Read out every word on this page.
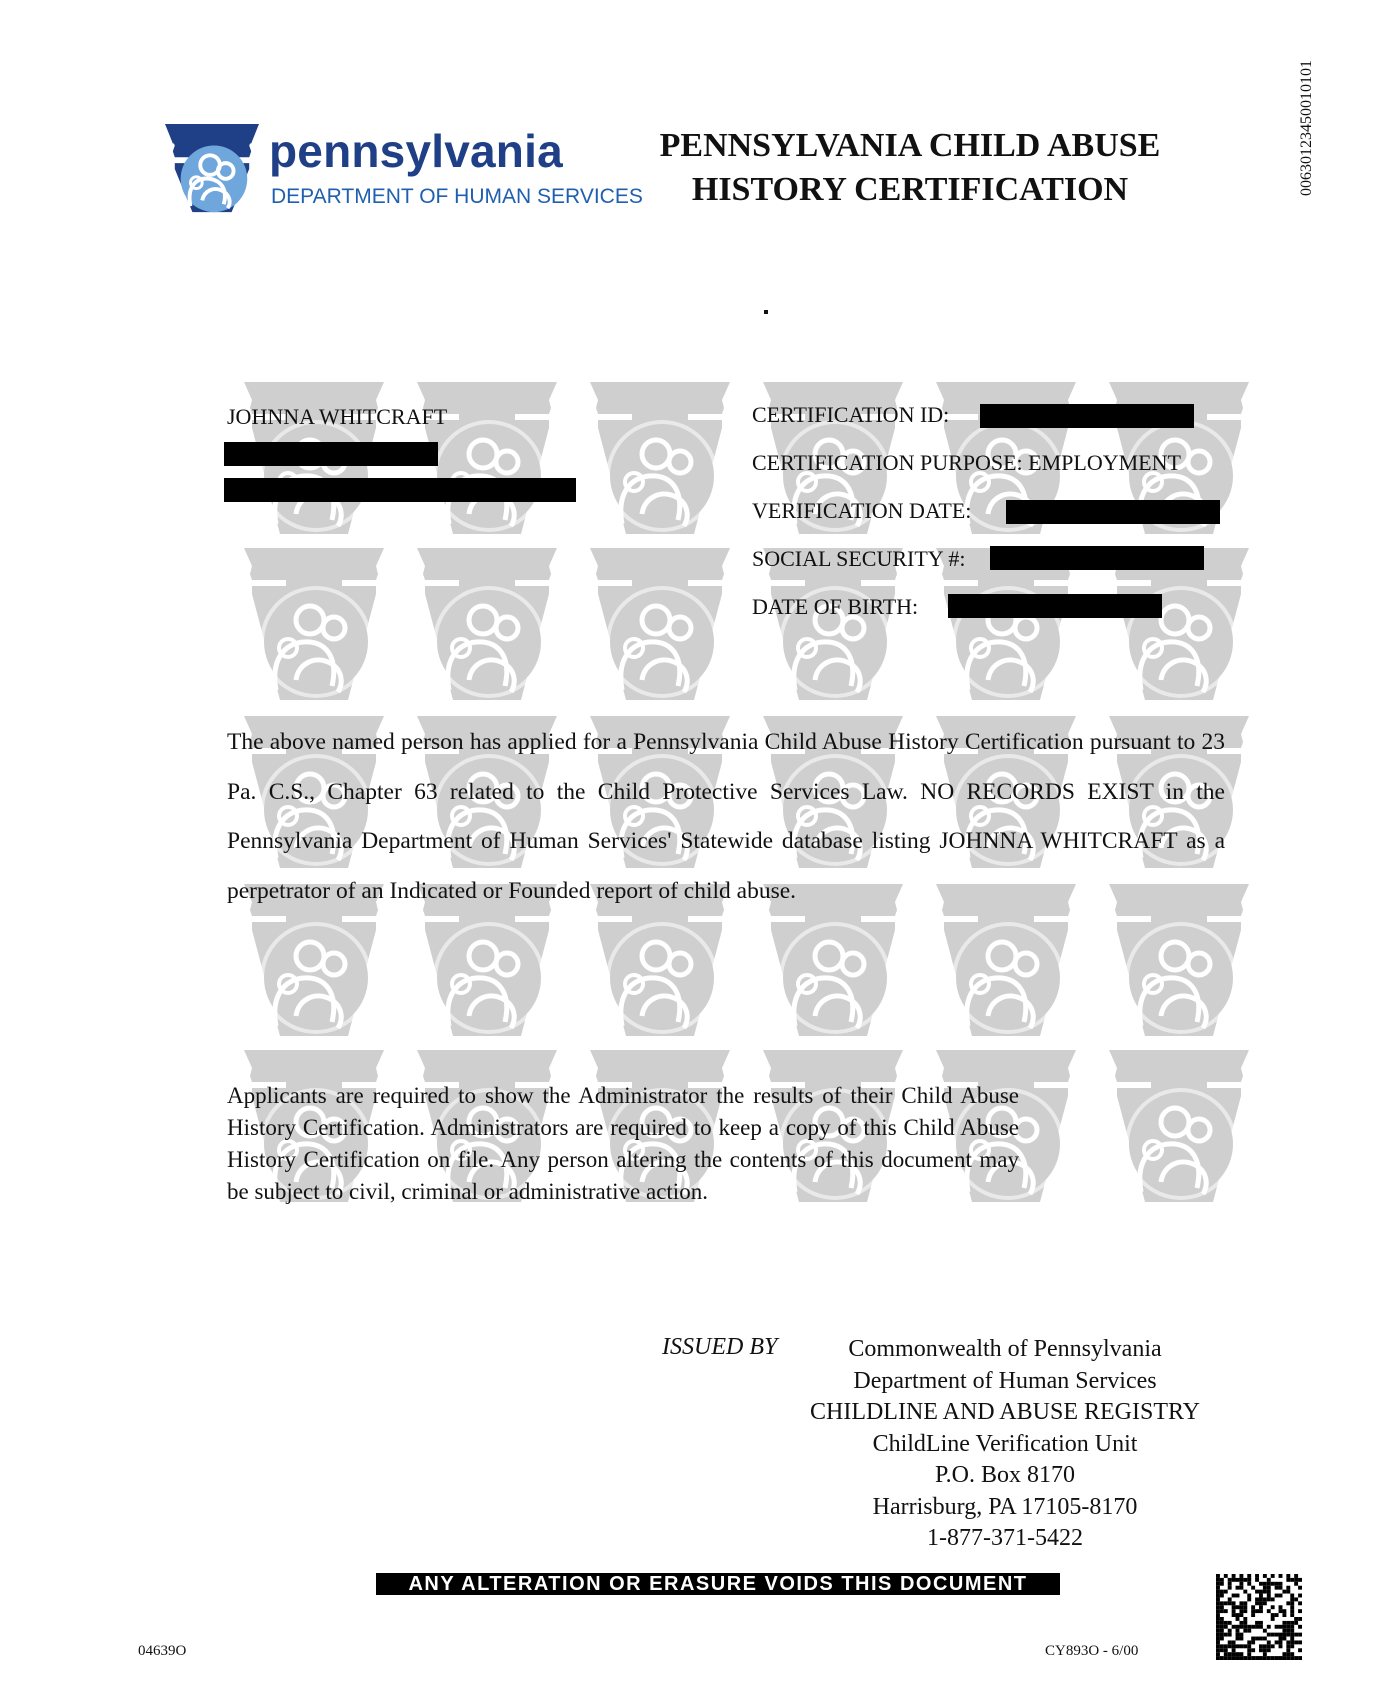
pennsylvania
DEPARTMENT OF HUMAN SERVICES
PENNSYLVANIA CHILD ABUSE
HISTORY CERTIFICATION	0063012345001010​1
JOHNNA WHITCRAFT	CERTIFICATION ID:
CERTIFICATION PURPOSE: EMPLOYMENT
VERIFICATION DATE:
SOCIAL SECURITY #:
DATE OF BIRTH:
The above named person has applied for a Pennsylvania Child Abuse History Certification pursuant to 23 Pa. C.S., Chapter 63 related to the Child Protective Services Law. NO RECORDS EXIST in the Pennsylvania Department of Human Services' Statewide database listing JOHNNA WHITCRAFT as a perpetrator of an Indicated or Founded report of child abuse.
Applicants are required to show the Administrator the results of their Child Abuse History Certification. Administrators are required to keep a copy of this Child Abuse History Certification on file. Any person altering the contents of this document may be subject to civil, criminal or administrative action.
ISSUED BY	Commonwealth of Pennsylvania
Department of Human Services
CHILDLINE AND ABUSE REGISTRY
ChildLine Verification Unit
P.O. Box 8170
Harrisburg, PA 17105-8170
1-877-371-5422
ANY ALTERATION OR ERASURE VOIDS THIS DOCUMENT
04639O	CY893O - 6/00
